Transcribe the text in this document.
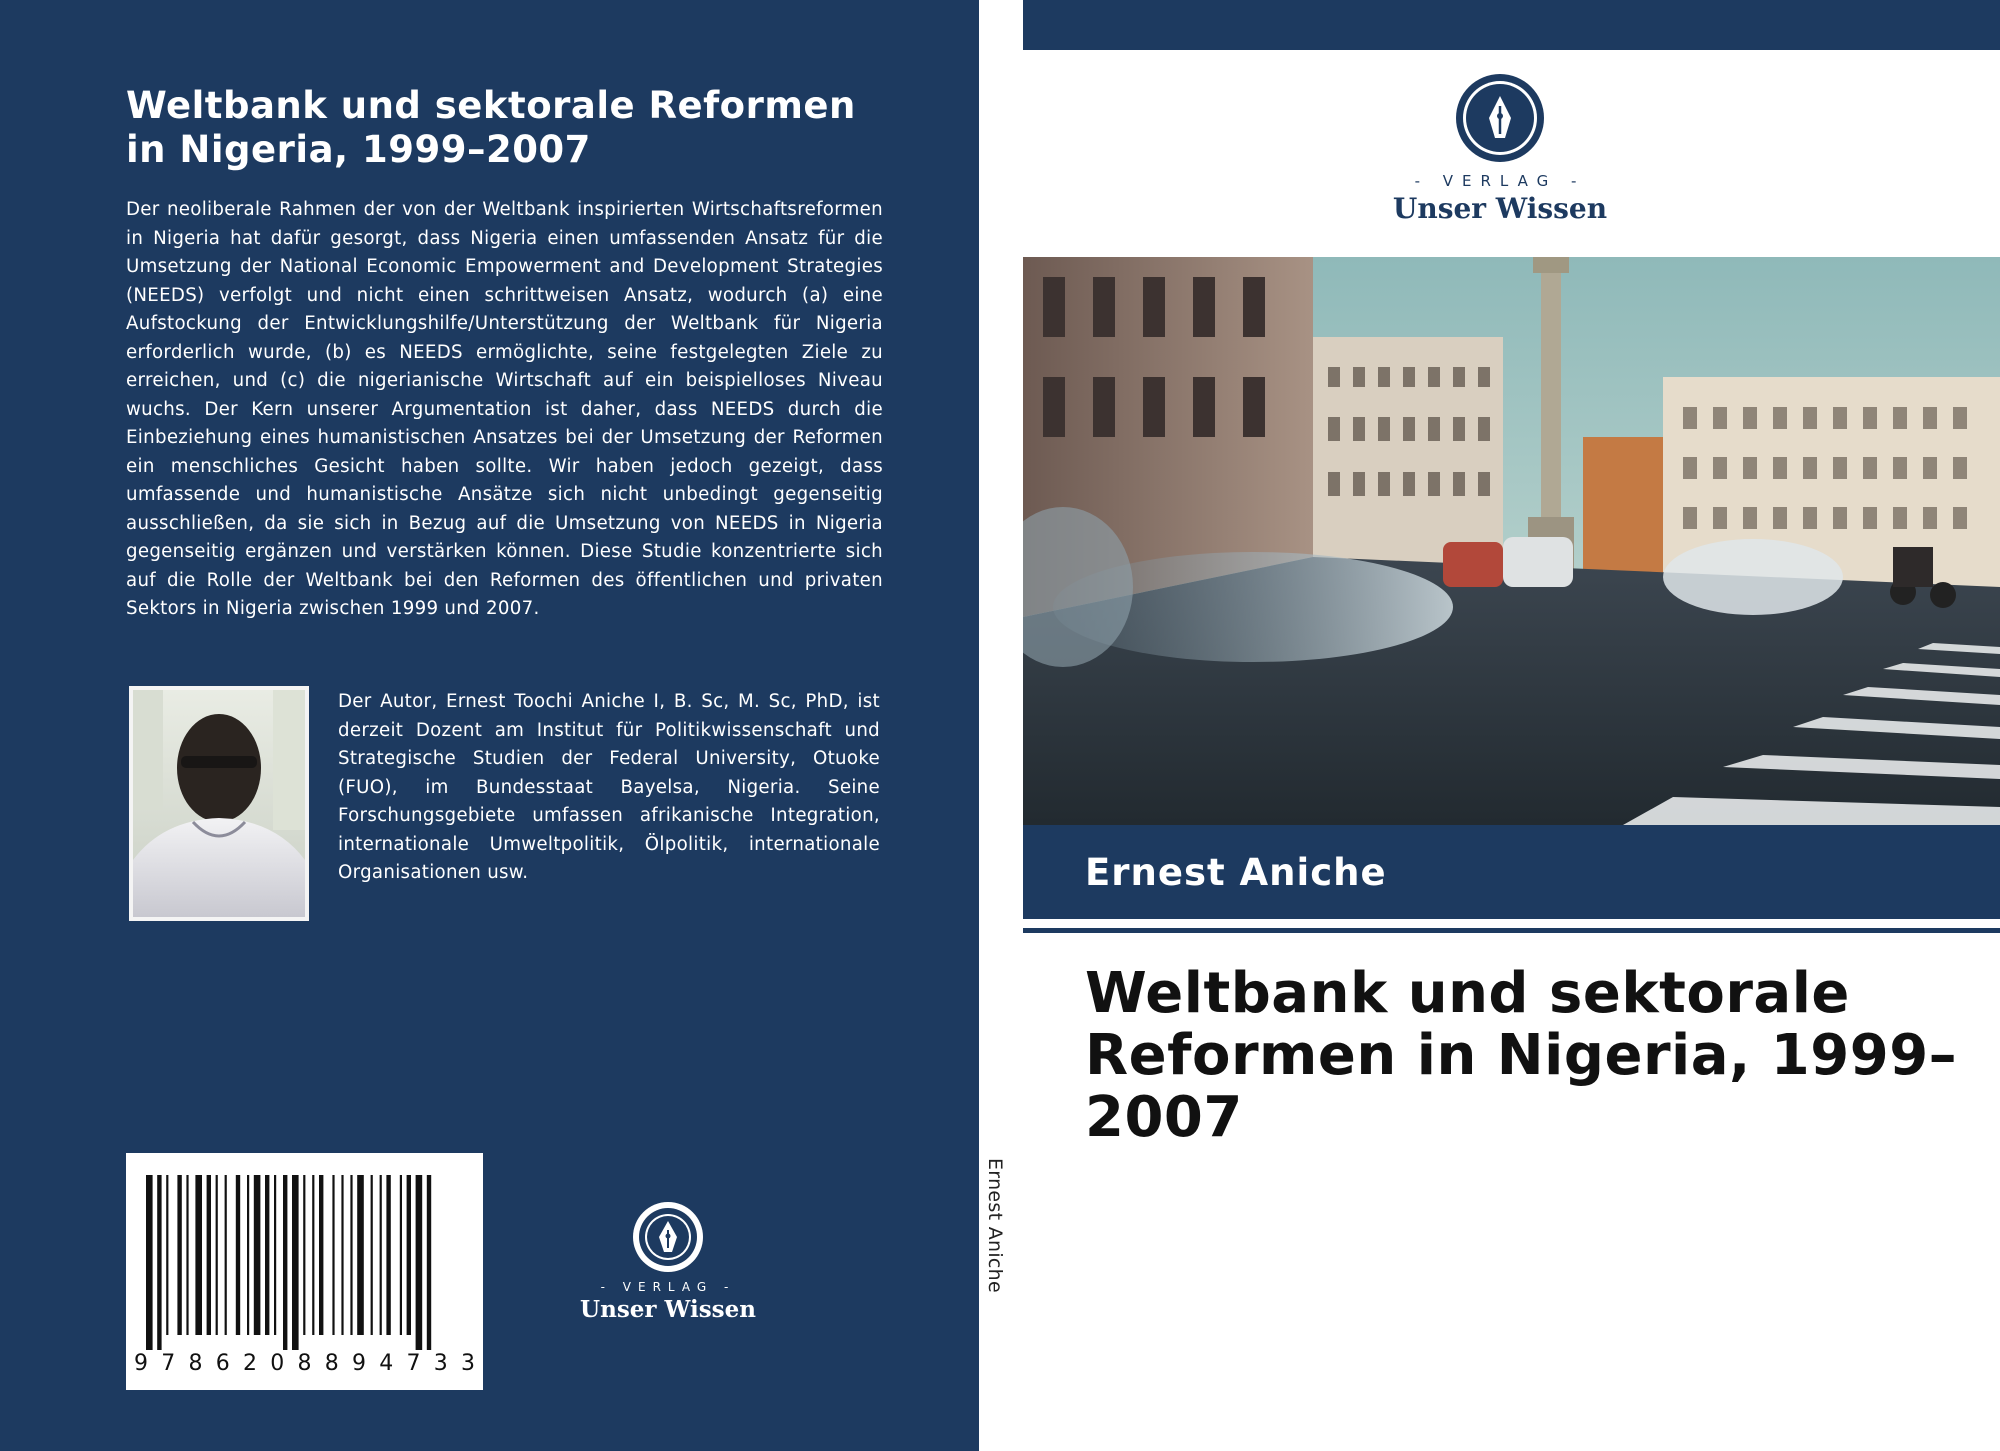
Weltbank und sektorale Reformen in Nigeria, 1999–2007

Der neoliberale Rahmen der von der Weltbank inspirierten Wirtschaftsreformen in Nigeria hat dafür gesorgt, dass Nigeria einen umfassenden Ansatz für die Umsetzung der National Economic Empowerment and Development Strategies (NEEDS) verfolgt und nicht einen schrittweisen Ansatz, wodurch (a) eine Aufstockung der Entwicklungshilfe/Unterstützung der Weltbank für Nigeria erforderlich wurde, (b) es NEEDS ermöglichte, seine festgelegten Ziele zu erreichen, und (c) die nigerianische Wirtschaft auf ein beispielloses Niveau wuchs. Der Kern unserer Argumentation ist daher, dass NEEDS durch die Einbeziehung eines humanistischen Ansatzes bei der Umsetzung der Reformen ein menschliches Gesicht haben sollte. Wir haben jedoch gezeigt, dass umfassende und humanistische Ansätze sich nicht unbedingt gegenseitig ausschließen, da sie sich in Bezug auf die Umsetzung von NEEDS in Nigeria gegenseitig ergänzen und verstärken können. Diese Studie konzentrierte sich auf die Rolle der Weltbank bei den Reformen des öffentlichen und privaten Sektors in Nigeria zwischen 1999 und 2007.

Der Autor, Ernest Toochi Aniche I, B. Sc, M. Sc, PhD, ist derzeit Dozent am Institut für Politikwissenschaft und Strategische Studien der Federal University, Otuoke (FUO), im Bundesstaat Bayelsa, Nigeria. Seine Forschungsgebiete umfassen afrikanische Integration, internationale Umweltpolitik, Ölpolitik, internationale Organisationen usw.

9 7 8 6 2 0 8 8 9 4 7 3 3
- VERLAG -
Unser Wissen
Ernest Aniche
- VERLAG -
Unser Wissen
Ernest Aniche
Weltbank und sektorale Reformen in Nigeria, 1999–2007
